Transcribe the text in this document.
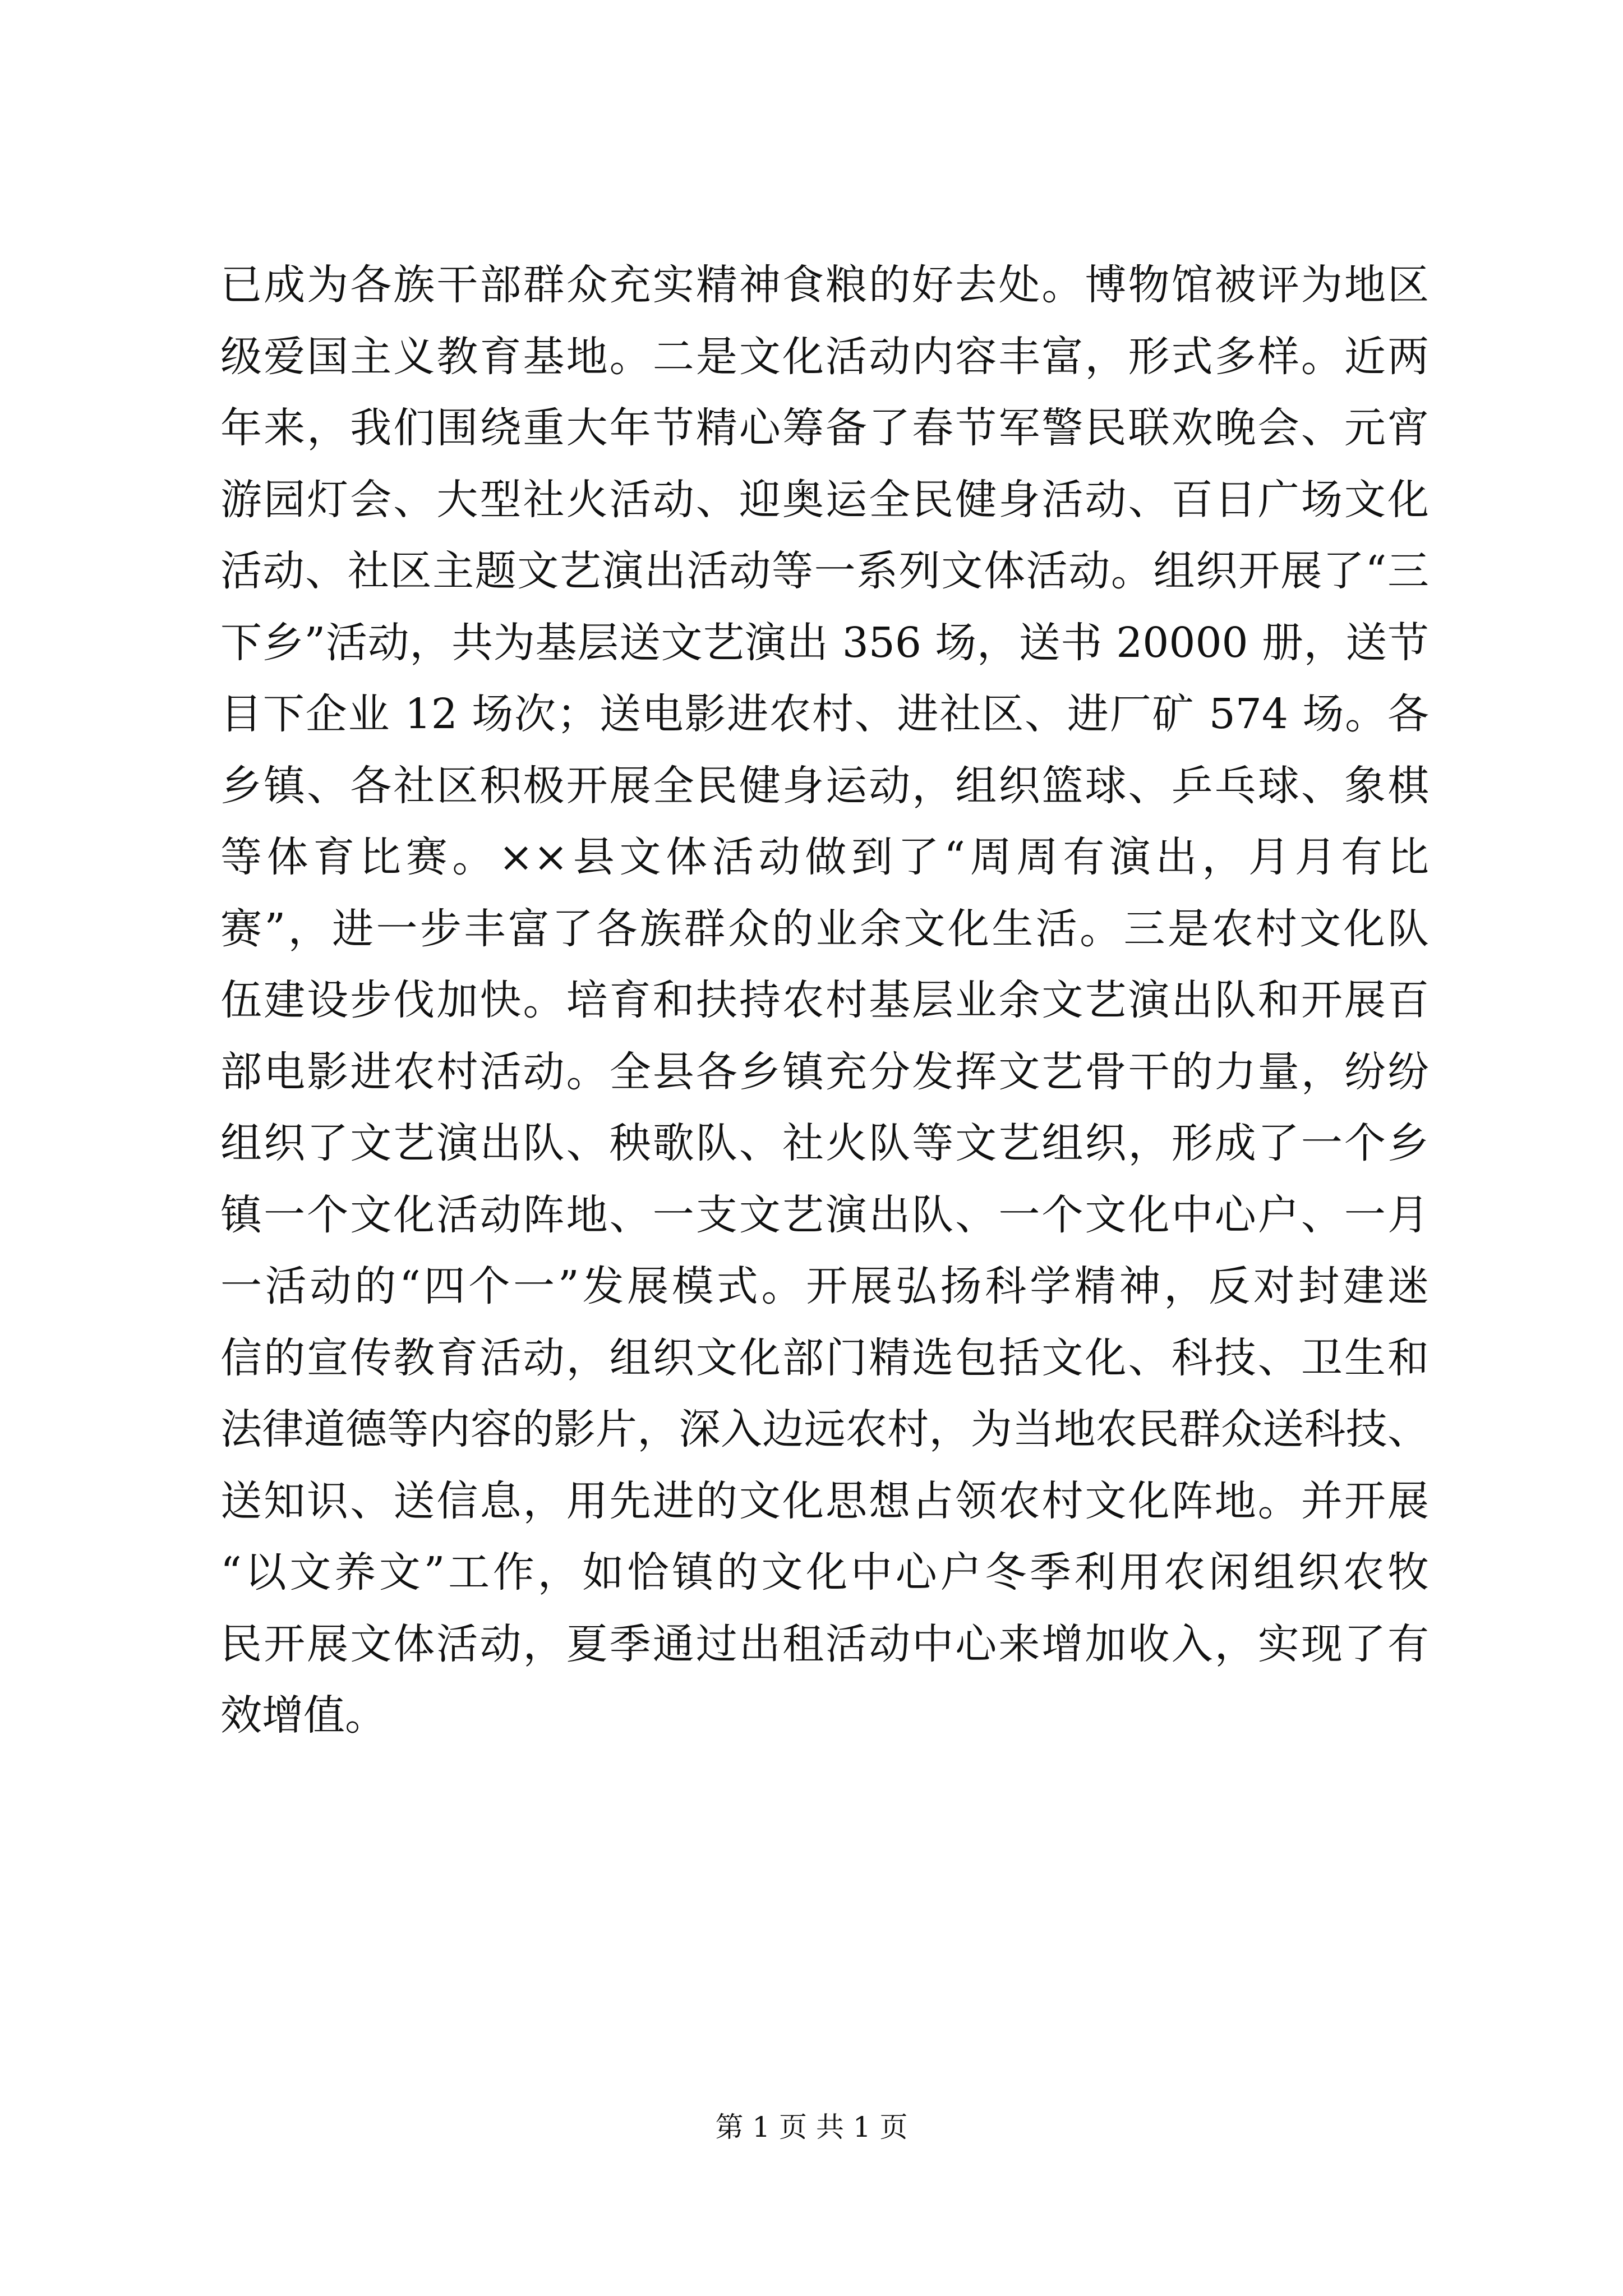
已成为各族干部群众充实精神食粮的好去处。博物馆被评为地区
级爱国主义教育基地。二是文化活动内容丰富，形式多样。近两
年来，我们围绕重大年节精心筹备了春节军警民联欢晚会、元宵
游园灯会、大型社火活动、迎奥运全民健身活动、百日广场文化
活动、社区主题文艺演出活动等一系列文体活动。组织开展了“三
下乡”活动，共为基层送文艺演出 356 场，送书 20000 册，送节
目下企业 12 场次；送电影进农村、进社区、进厂矿 574 场。各
乡镇、各社区积极开展全民健身运动，组织篮球、乒乓球、象棋
等体育比赛。××县文体活动做到了“周周有演出，月月有比
赛”，进一步丰富了各族群众的业余文化生活。三是农村文化队
伍建设步伐加快。培育和扶持农村基层业余文艺演出队和开展百
部电影进农村活动。全县各乡镇充分发挥文艺骨干的力量，纷纷
组织了文艺演出队、秧歌队、社火队等文艺组织，形成了一个乡
镇一个文化活动阵地、一支文艺演出队、一个文化中心户、一月
一活动的“四个一”发展模式。开展弘扬科学精神，反对封建迷
信的宣传教育活动，组织文化部门精选包括文化、科技、卫生和
法律道德等内容的影片，深入边远农村，为当地农民群众送科技、
送知识、送信息，用先进的文化思想占领农村文化阵地。并开展
“以文养文”工作，如恰镇的文化中心户冬季利用农闲组织农牧
民开展文体活动，夏季通过出租活动中心来增加收入，实现了有
效增值。
第 1 页 共 1 页
